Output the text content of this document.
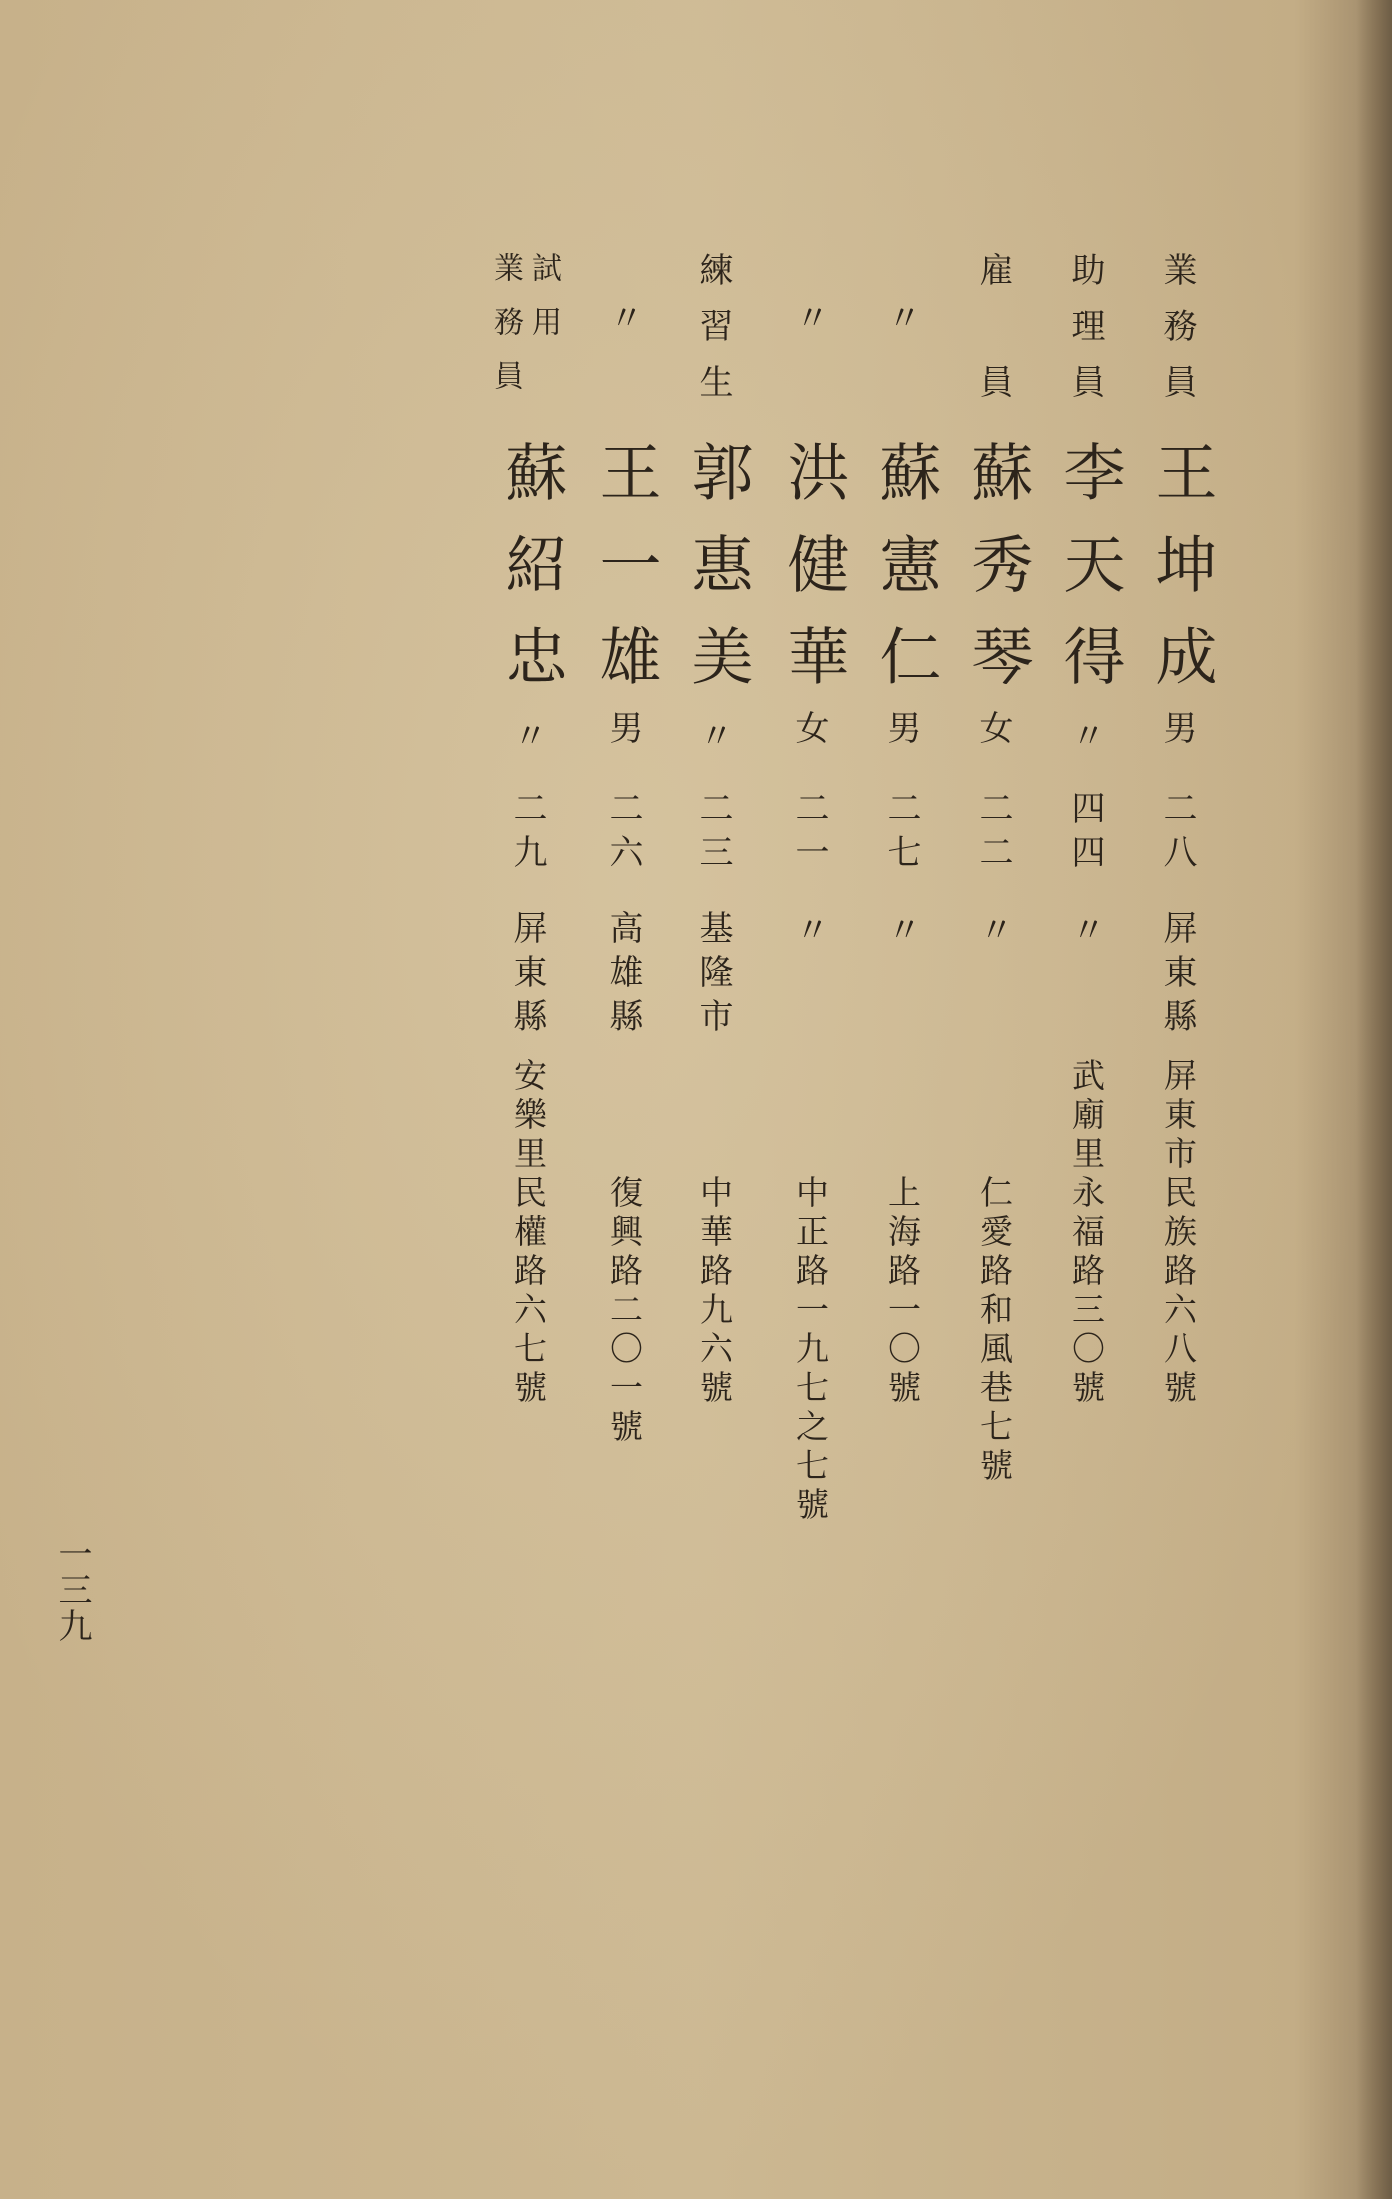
業務員
王坤成
男
二八
屏東縣
屏東市民族路六八號
助理員
李天得
〃
四四
〃
武廟里永福路三〇號
雇　員
蘇秀琴
女
二二
〃
仁愛路和風巷七號
〃
蘇憲仁
男
二七
〃
上海路一〇號
〃
洪健華
女
二一
〃
中正路一九七之七號
練習生
郭惠美
〃
二三
基隆市
中華路九六號
〃
王一雄
男
二六
高雄縣
復興路二〇一號
試用
業務員
蘇紹忠
〃
二九
屏東縣
安樂里民權路六七號
一三九
